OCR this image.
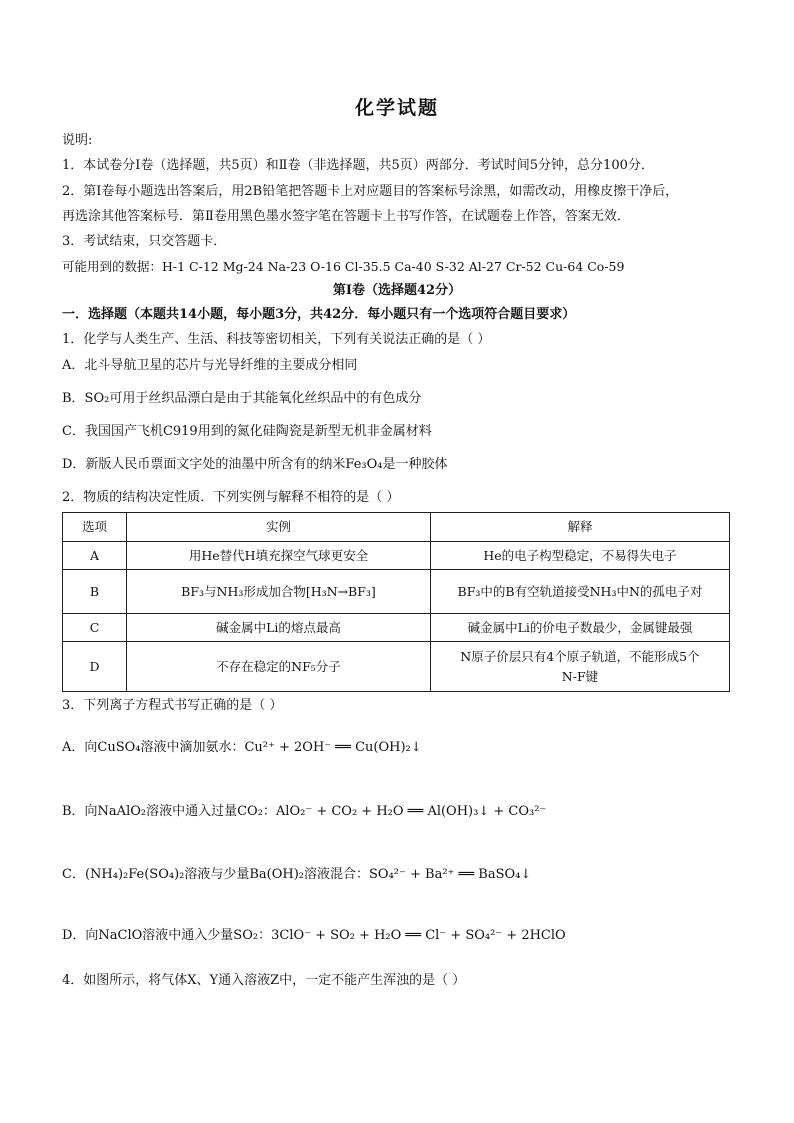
化学试题
说明:
1．本试卷分Ⅰ卷（选择题，共5页）和Ⅱ卷（非选择题，共5页）两部分．考试时间5分钟，总分100分．
2．第Ⅰ卷每小题选出答案后，用2B铅笔把答题卡上对应题目的答案标号涂黑，如需改动，用橡皮擦干净后，
再选涂其他答案标号．第Ⅱ卷用黑色墨水签字笔在答题卡上书写作答，在试题卷上作答，答案无效．
3．考试结束，只交答题卡．
可能用到的数据：H-1 C-12 Mg-24 Na-23 O-16 Cl-35.5 Ca-40 S-32 Al-27 Cr-52 Cu-64 Co-59
第Ⅰ卷（选择题42分）
一．选择题（本题共14小题，每小题3分，共42分．每小题只有一个选项符合题目要求）
1．化学与人类生产、生活、科技等密切相关，下列有关说法正确的是（ ）
A．北斗导航卫星的芯片与光导纤维的主要成分相同
B．SO₂可用于丝织品漂白是由于其能氧化丝织品中的有色成分
C．我国国产飞机C919用到的氮化硅陶瓷是新型无机非金属材料
D．新版人民币票面文字处的油墨中所含有的纳米Fe₃O₄是一种胶体
2．物质的结构决定性质．下列实例与解释不相符的是（ ）
选项	实例	解释
A	用He替代H填充探空气球更安全	He的电子构型稳定，不易得失电子
B	BF₃与NH₃形成加合物[H₃N→BF₃]	BF₃中的B有空轨道接受NH₃中N的孤电子对
C	碱金属中Li的熔点最高	碱金属中Li的价电子数最少，金属键最强
D	不存在稳定的NF₅分子	N原子价层只有4个原子轨道，不能形成5个
N-F键
3．下列离子方程式书写正确的是（ ）
A．向CuSO₄溶液中滴加氨水：Cu²⁺ + 2OH⁻ ══ Cu(OH)₂↓
B．向NaAlO₂溶液中通入过量CO₂：AlO₂⁻ + CO₂ + H₂O ══ Al(OH)₃↓ + CO₃²⁻
C．(NH₄)₂Fe(SO₄)₂溶液与少量Ba(OH)₂溶液混合：SO₄²⁻ + Ba²⁺ ══ BaSO₄↓
D．向NaClO溶液中通入少量SO₂：3ClO⁻ + SO₂ + H₂O ══ Cl⁻ + SO₄²⁻ + 2HClO
4．如图所示，将气体X、Y通入溶液Z中，一定不能产生浑浊的是（ ）
